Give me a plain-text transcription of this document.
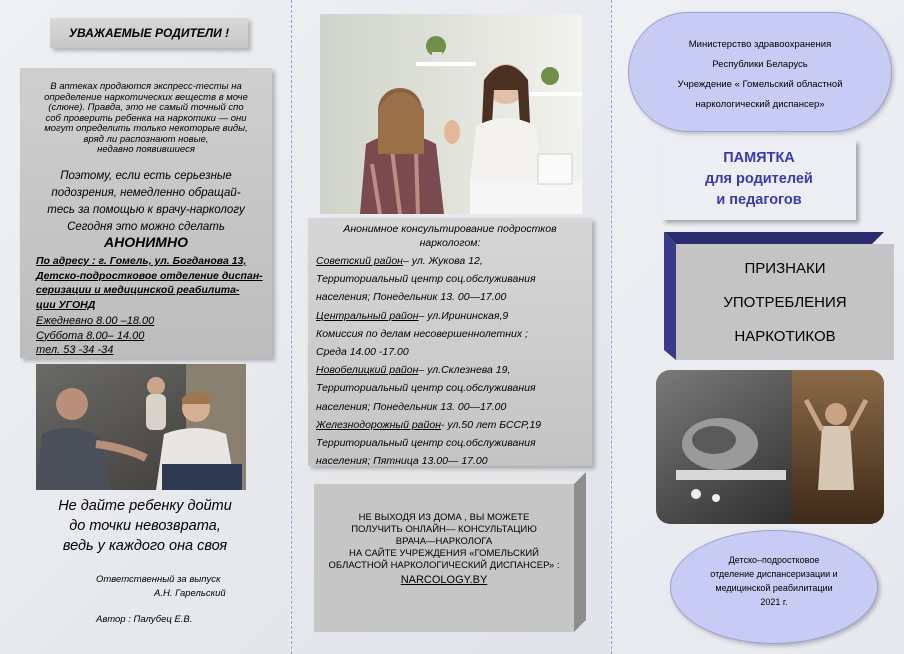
УВАЖАЕМЫЕ РОДИТЕЛИ !
В аптеках продаются экспресс-тесты на
определение наркотических веществ в моче
(слюне). Правда, это не самый точный спо
соб проверить ребенка на наркотики — они
могут определить только некоторые виды,
вряд ли распознают новые,
недавно появившиеся
Поэтому, если есть серьезные
подозрения, немедленно обращай-
тесь за помощью к врачу-наркологу
Сегодня это можно сделать
АНОНИМНО
По адресу : г. Гомель, ул. Богданова 13,
Детско-подростковое отделение диспан-
серизации и медицинской реабилита-
ции УГОНД
Ежедневно 8.00 –18.00
Суббота 8.00– 14.00
тел. 53 -34 -34
Не дайте ребенку дойти
до точки невозврата,
ведь у каждого она своя
Ответственный за выпуск
А.Н. Гарельский
Автор : Палубец Е.В.
Анонимное консультирование подростков
наркологом:
Советский район– ул. Жукова 12,
Территориальный центр соц.обслуживания
населения; Понедельник 13. 00—17.00
Центральный район– ул.Ирининская,9
Комиссия по делам несовершеннолетних ;
Среда 14.00 -17.00
Новобелицкий район– ул.Склезнева 19,
Территориальный центр соц.обслуживания
населения; Понедельник 13. 00—17.00
Железнодорожный район- ул.50 лет БССР,19
Территориальный центр соц.обслуживания
населения; Пятница 13.00— 17.00
НЕ ВЫХОДЯ ИЗ ДОМА , ВЫ МОЖЕТЕ
ПОЛУЧИТЬ ОНЛАЙН— КОНСУЛЬТАЦИЮ
ВРАЧА—НАРКОЛОГА
НА САЙТЕ УЧРЕЖДЕНИЯ «ГОМЕЛЬСКИЙ
ОБЛАСТНОЙ НАРКОЛОГИЧЕСКИЙ ДИСПАНСЕР» :
NARCOLOGY.BY
Министерство здравоохранения
Республики Беларусь
Учреждение « Гомельский областной
наркологический диспансер»
ПАМЯТКА
для родителей
и педагогов
ПРИЗНАКИ
УПОТРЕБЛЕНИЯ
НАРКОТИКОВ
Детско–подростковое
отделение диспансеризации и
медицинской реабилитации
2021 г.
